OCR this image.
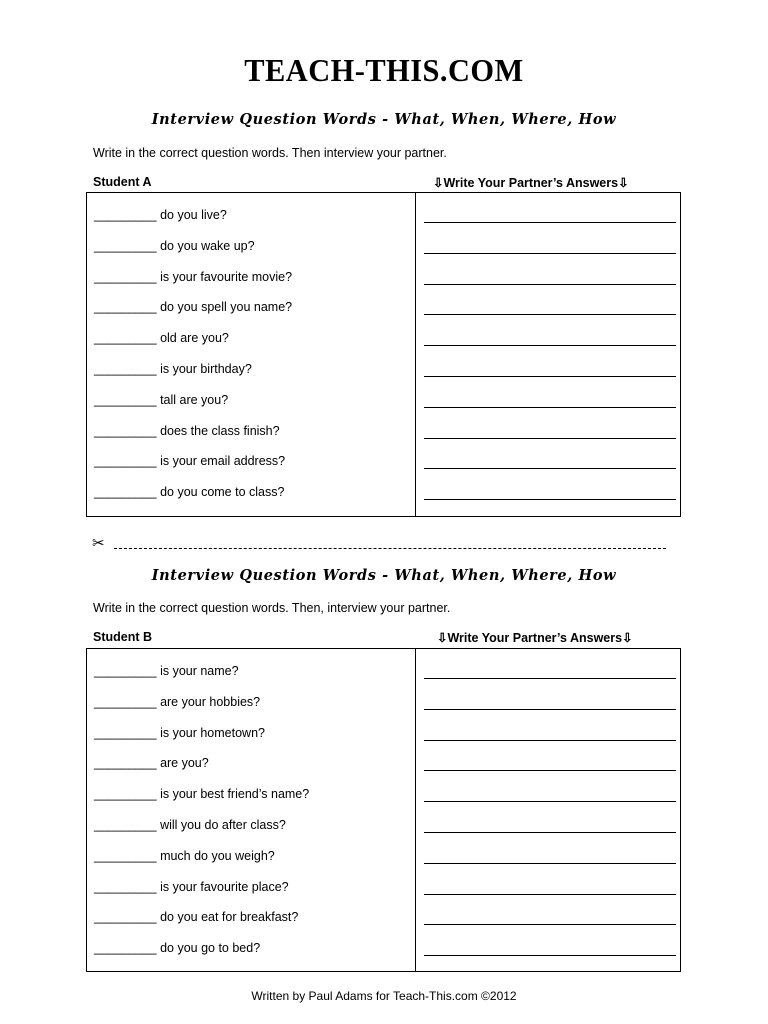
TEACH-THIS.COM
Interview Question Words - What, When, Where, How
Write in the correct question words. Then interview your partner.
Student A	⇩Write Your Partner’s Answers⇩
_________ do you live?
_________ do you wake up?
_________ is your favourite movie?
_________ do you spell you name?
_________ old are you?
_________ is your birthday?
_________ tall are you?
_________ does the class finish?
_________ is your email address?
_________ do you come to class?
✂
Interview Question Words - What, When, Where, How
Write in the correct question words. Then, interview your partner.
Student B	⇩Write Your Partner’s Answers⇩
_________ is your name?
_________ are your hobbies?
_________ is your hometown?
_________ are you?
_________ is your best friend’s name?
_________ will you do after class?
_________ much do you weigh?
_________ is your favourite place?
_________ do you eat for breakfast?
_________ do you go to bed?
Written by Paul Adams for Teach-This.com ©2012
